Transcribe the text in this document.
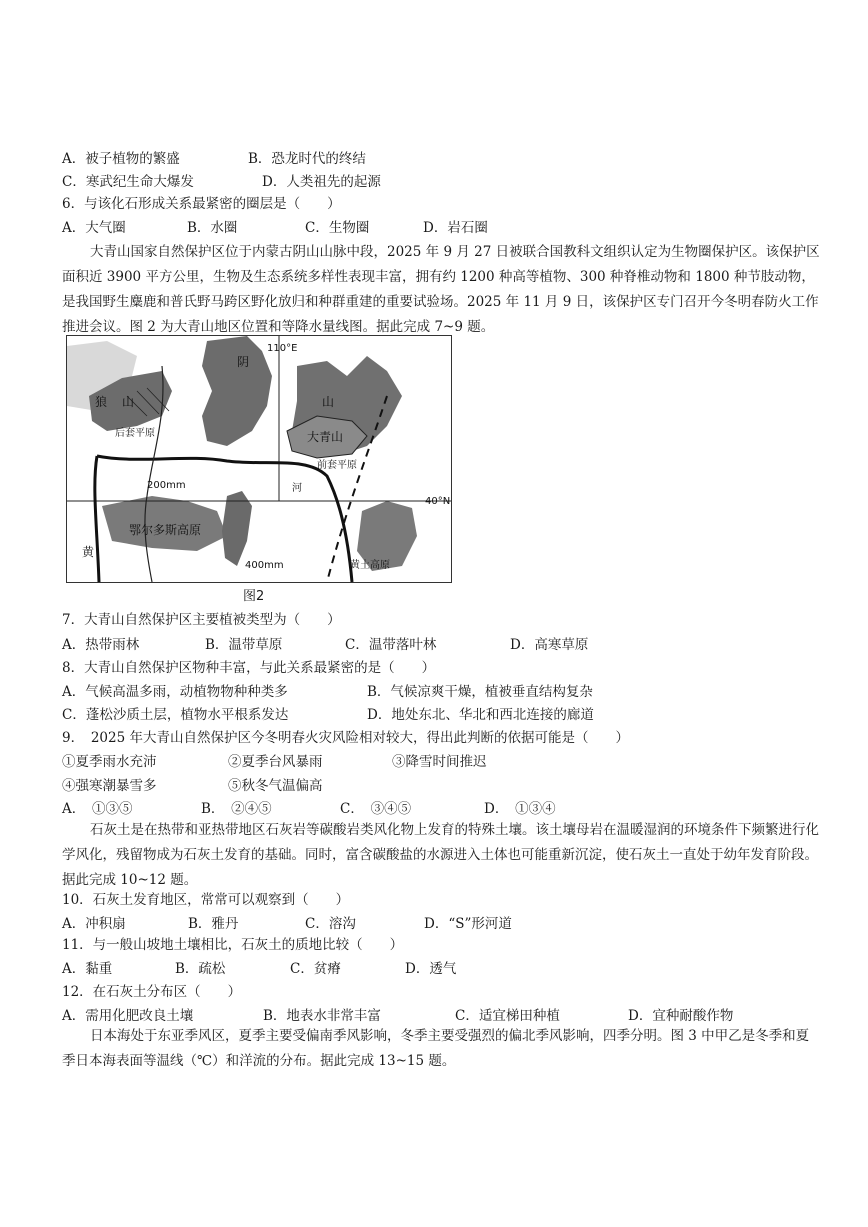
A．被子植物的繁盛	B．恐龙时代的终结
C．寒武纪生命大爆发	D．人类祖先的起源
6．与该化石形成关系最紧密的圈层是（　　）
A．大气圈	B．水圈	C．生物圈	D．岩石圈
大青山国家自然保护区位于内蒙古阴山山脉中段，2025 年 9 月 27 日被联合国教科文组织认定为生物圈保护区。该保护区面积近 3900 平方公里，生物及生态系统多样性表现丰富，拥有约 1200 种高等植物、300 种脊椎动物和 1800 种节肢动物，是我国野生麋鹿和普氏野马跨区野化放归和种群重建的重要试验场。2025 年 11 月 9 日，该保护区专门召开今冬明春防火工作推进会议。图 2 为大青山地区位置和等降水量线图。据此完成 7~9 题。
110°E
40°N
阴
山
狼 山
大青山
后套平原
前套平原
河
黄
鄂尔多斯高原
黄土高原
200mm
400mm
图2
7．大青山自然保护区主要植被类型为（　　）
A．热带雨林	B．温带草原	C．温带落叶林	D．高寒草原
8．大青山自然保护区物种丰富，与此关系最紧密的是（　　）
A．气候高温多雨，动植物物种种类多	B．气候凉爽干燥，植被垂直结构复杂
C．蓬松沙质土层，植物水平根系发达	D．地处东北、华北和西北连接的廊道
9．　2025 年大青山自然保护区今冬明春火灾风险相对较大，得出此判断的依据可能是（　　）
①夏季雨水充沛	②夏季台风暴雨	③降雪时间推迟
④强寒潮暴雪多	⑤秋冬气温偏高
A．　①③⑤	B．　②④⑤	C．　③④⑤	D．　①③④
石灰土是在热带和亚热带地区石灰岩等碳酸岩类风化物上发育的特殊土壤。该土壤母岩在温暖湿润的环境条件下频繁进行化学风化，残留物成为石灰土发育的基础。同时，富含碳酸盐的水源进入土体也可能重新沉淀，使石灰土一直处于幼年发育阶段。据此完成 10~12 题。
10．石灰土发育地区，常常可以观察到（　　）
A．冲积扇	B．雅丹	C．溶沟	D．“S”形河道
11．与一般山坡地土壤相比，石灰土的质地比较（　　）
A．黏重	B．疏松	C．贫瘠	D．透气
12．在石灰土分布区（　　）
A．需用化肥改良土壤	B．地表水非常丰富	C．适宜梯田种植	D．宜种耐酸作物
日本海处于东亚季风区，夏季主要受偏南季风影响，冬季主要受强烈的偏北季风影响，四季分明。图 3 中甲乙是冬季和夏季日本海表面等温线（℃）和洋流的分布。据此完成 13~15 题。
